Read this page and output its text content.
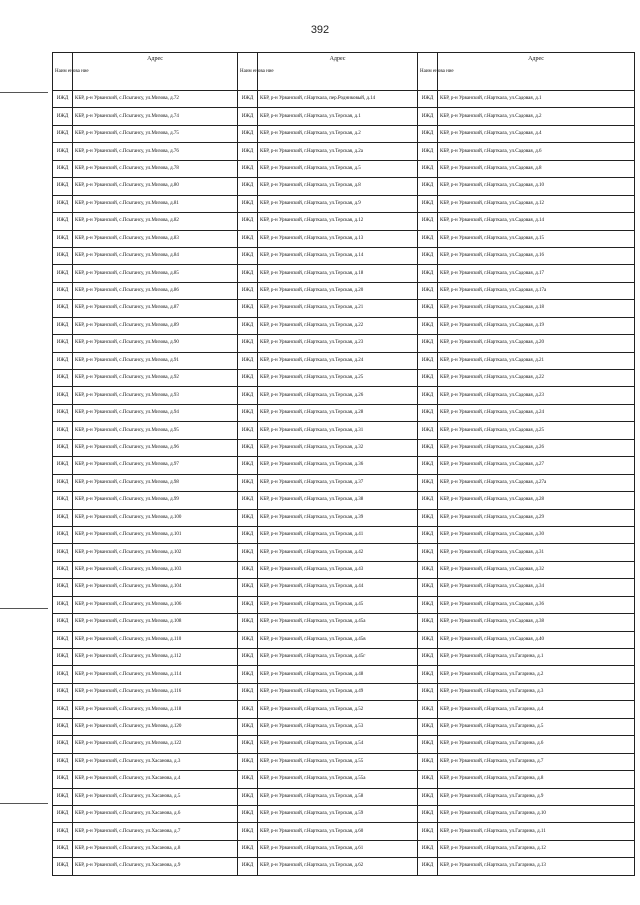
392
Наим енова ние	Адрес	Наим енова ние	Адрес	Наим енова ние	Адрес
ИЖД	КБР, р-н Урванский, с.Псыгансу, ул.Мизова, д.72	ИЖД	КБР, р-н Урванский, г.Нарткала, пер.Родниковый, д.14	ИЖД	КБР, р-н Урванский, г.Нарткала, ул.Садовая, д.1
ИЖД	КБР, р-н Урванский, с.Псыгансу, ул.Мизова, д.74	ИЖД	КБР, р-н Урванский, г.Нарткала, ул.Терская, д.1	ИЖД	КБР, р-н Урванский, г.Нарткала, ул.Садовая, д.2
ИЖД	КБР, р-н Урванский, с.Псыгансу, ул.Мизова, д.75	ИЖД	КБР, р-н Урванский, г.Нарткала, ул.Терская, д.2	ИЖД	КБР, р-н Урванский, г.Нарткала, ул.Садовая, д.4
ИЖД	КБР, р-н Урванский, с.Псыгансу, ул.Мизова, д.76	ИЖД	КБР, р-н Урванский, г.Нарткала, ул.Терская, д.2а	ИЖД	КБР, р-н Урванский, г.Нарткала, ул.Садовая, д.6
ИЖД	КБР, р-н Урванский, с.Псыгансу, ул.Мизова, д.78	ИЖД	КБР, р-н Урванский, г.Нарткала, ул.Терская, д.5	ИЖД	КБР, р-н Урванский, г.Нарткала, ул.Садовая, д.8
ИЖД	КБР, р-н Урванский, с.Псыгансу, ул.Мизова, д.80	ИЖД	КБР, р-н Урванский, г.Нарткала, ул.Терская, д.8	ИЖД	КБР, р-н Урванский, г.Нарткала, ул.Садовая, д.10
ИЖД	КБР, р-н Урванский, с.Псыгансу, ул.Мизова, д.81	ИЖД	КБР, р-н Урванский, г.Нарткала, ул.Терская, д.9	ИЖД	КБР, р-н Урванский, г.Нарткала, ул.Садовая, д.12
ИЖД	КБР, р-н Урванский, с.Псыгансу, ул.Мизова, д.82	ИЖД	КБР, р-н Урванский, г.Нарткала, ул.Терская, д.12	ИЖД	КБР, р-н Урванский, г.Нарткала, ул.Садовая, д.14
ИЖД	КБР, р-н Урванский, с.Псыгансу, ул.Мизова, д.83	ИЖД	КБР, р-н Урванский, г.Нарткала, ул.Терская, д.13	ИЖД	КБР, р-н Урванский, г.Нарткала, ул.Садовая, д.15
ИЖД	КБР, р-н Урванский, с.Псыгансу, ул.Мизова, д.84	ИЖД	КБР, р-н Урванский, г.Нарткала, ул.Терская, д.14	ИЖД	КБР, р-н Урванский, г.Нарткала, ул.Садовая, д.16
ИЖД	КБР, р-н Урванский, с.Псыгансу, ул.Мизова, д.85	ИЖД	КБР, р-н Урванский, г.Нарткала, ул.Терская, д.18	ИЖД	КБР, р-н Урванский, г.Нарткала, ул.Садовая, д.17
ИЖД	КБР, р-н Урванский, с.Псыгансу, ул.Мизова, д.86	ИЖД	КБР, р-н Урванский, г.Нарткала, ул.Терская, д.20	ИЖД	КБР, р-н Урванский, г.Нарткала, ул.Садовая, д.17а
ИЖД	КБР, р-н Урванский, с.Псыгансу, ул.Мизова, д.87	ИЖД	КБР, р-н Урванский, г.Нарткала, ул.Терская, д.21	ИЖД	КБР, р-н Урванский, г.Нарткала, ул.Садовая, д.18
ИЖД	КБР, р-н Урванский, с.Псыгансу, ул.Мизова, д.89	ИЖД	КБР, р-н Урванский, г.Нарткала, ул.Терская, д.22	ИЖД	КБР, р-н Урванский, г.Нарткала, ул.Садовая, д.19
ИЖД	КБР, р-н Урванский, с.Псыгансу, ул.Мизова, д.90	ИЖД	КБР, р-н Урванский, г.Нарткала, ул.Терская, д.23	ИЖД	КБР, р-н Урванский, г.Нарткала, ул.Садовая, д.20
ИЖД	КБР, р-н Урванский, с.Псыгансу, ул.Мизова, д.91	ИЖД	КБР, р-н Урванский, г.Нарткала, ул.Терская, д.24	ИЖД	КБР, р-н Урванский, г.Нарткала, ул.Садовая, д.21
ИЖД	КБР, р-н Урванский, с.Псыгансу, ул.Мизова, д.92	ИЖД	КБР, р-н Урванский, г.Нарткала, ул.Терская, д.25	ИЖД	КБР, р-н Урванский, г.Нарткала, ул.Садовая, д.22
ИЖД	КБР, р-н Урванский, с.Псыгансу, ул.Мизова, д.93	ИЖД	КБР, р-н Урванский, г.Нарткала, ул.Терская, д.26	ИЖД	КБР, р-н Урванский, г.Нарткала, ул.Садовая, д.23
ИЖД	КБР, р-н Урванский, с.Псыгансу, ул.Мизова, д.94	ИЖД	КБР, р-н Урванский, г.Нарткала, ул.Терская, д.28	ИЖД	КБР, р-н Урванский, г.Нарткала, ул.Садовая, д.24
ИЖД	КБР, р-н Урванский, с.Псыгансу, ул.Мизова, д.95	ИЖД	КБР, р-н Урванский, г.Нарткала, ул.Терская, д.31	ИЖД	КБР, р-н Урванский, г.Нарткала, ул.Садовая, д.25
ИЖД	КБР, р-н Урванский, с.Псыгансу, ул.Мизова, д.96	ИЖД	КБР, р-н Урванский, г.Нарткала, ул.Терская, д.32	ИЖД	КБР, р-н Урванский, г.Нарткала, ул.Садовая, д.26
ИЖД	КБР, р-н Урванский, с.Псыгансу, ул.Мизова, д.97	ИЖД	КБР, р-н Урванский, г.Нарткала, ул.Терская, д.36	ИЖД	КБР, р-н Урванский, г.Нарткала, ул.Садовая, д.27
ИЖД	КБР, р-н Урванский, с.Псыгансу, ул.Мизова, д.98	ИЖД	КБР, р-н Урванский, г.Нарткала, ул.Терская, д.37	ИЖД	КБР, р-н Урванский, г.Нарткала, ул.Садовая, д.27а
ИЖД	КБР, р-н Урванский, с.Псыгансу, ул.Мизова, д.99	ИЖД	КБР, р-н Урванский, г.Нарткала, ул.Терская, д.38	ИЖД	КБР, р-н Урванский, г.Нарткала, ул.Садовая, д.28
ИЖД	КБР, р-н Урванский, с.Псыгансу, ул.Мизова, д.100	ИЖД	КБР, р-н Урванский, г.Нарткала, ул.Терская, д.39	ИЖД	КБР, р-н Урванский, г.Нарткала, ул.Садовая, д.29
ИЖД	КБР, р-н Урванский, с.Псыгансу, ул.Мизова, д.101	ИЖД	КБР, р-н Урванский, г.Нарткала, ул.Терская, д.41	ИЖД	КБР, р-н Урванский, г.Нарткала, ул.Садовая, д.30
ИЖД	КБР, р-н Урванский, с.Псыгансу, ул.Мизова, д.102	ИЖД	КБР, р-н Урванский, г.Нарткала, ул.Терская, д.42	ИЖД	КБР, р-н Урванский, г.Нарткала, ул.Садовая, д.31
ИЖД	КБР, р-н Урванский, с.Псыгансу, ул.Мизова, д.103	ИЖД	КБР, р-н Урванский, г.Нарткала, ул.Терская, д.43	ИЖД	КБР, р-н Урванский, г.Нарткала, ул.Садовая, д.32
ИЖД	КБР, р-н Урванский, с.Псыгансу, ул.Мизова, д.104	ИЖД	КБР, р-н Урванский, г.Нарткала, ул.Терская, д.44	ИЖД	КБР, р-н Урванский, г.Нарткала, ул.Садовая, д.34
ИЖД	КБР, р-н Урванский, с.Псыгансу, ул.Мизова, д.106	ИЖД	КБР, р-н Урванский, г.Нарткала, ул.Терская, д.45	ИЖД	КБР, р-н Урванский, г.Нарткала, ул.Садовая, д.36
ИЖД	КБР, р-н Урванский, с.Псыгансу, ул.Мизова, д.108	ИЖД	КБР, р-н Урванский, г.Нарткала, ул.Терская, д.45а	ИЖД	КБР, р-н Урванский, г.Нарткала, ул.Садовая, д.38
ИЖД	КБР, р-н Урванский, с.Псыгансу, ул.Мизова, д.110	ИЖД	КБР, р-н Урванский, г.Нарткала, ул.Терская, д.45в	ИЖД	КБР, р-н Урванский, г.Нарткала, ул.Садовая, д.40
ИЖД	КБР, р-н Урванский, с.Псыгансу, ул.Мизова, д.112	ИЖД	КБР, р-н Урванский, г.Нарткала, ул.Терская, д.45г	ИЖД	КБР, р-н Урванский, г.Нарткала, ул.Гагарина, д.1
ИЖД	КБР, р-н Урванский, с.Псыгансу, ул.Мизова, д.114	ИЖД	КБР, р-н Урванский, г.Нарткала, ул.Терская, д.48	ИЖД	КБР, р-н Урванский, г.Нарткала, ул.Гагарина, д.2
ИЖД	КБР, р-н Урванский, с.Псыгансу, ул.Мизова, д.116	ИЖД	КБР, р-н Урванский, г.Нарткала, ул.Терская, д.49	ИЖД	КБР, р-н Урванский, г.Нарткала, ул.Гагарина, д.3
ИЖД	КБР, р-н Урванский, с.Псыгансу, ул.Мизова, д.118	ИЖД	КБР, р-н Урванский, г.Нарткала, ул.Терская, д.52	ИЖД	КБР, р-н Урванский, г.Нарткала, ул.Гагарина, д.4
ИЖД	КБР, р-н Урванский, с.Псыгансу, ул.Мизова, д.120	ИЖД	КБР, р-н Урванский, г.Нарткала, ул.Терская, д.53	ИЖД	КБР, р-н Урванский, г.Нарткала, ул.Гагарина, д.5
ИЖД	КБР, р-н Урванский, с.Псыгансу, ул.Мизова, д.122	ИЖД	КБР, р-н Урванский, г.Нарткала, ул.Терская, д.54	ИЖД	КБР, р-н Урванский, г.Нарткала, ул.Гагарина, д.6
ИЖД	КБР, р-н Урванский, с.Псыгансу, ул.Хасанова, д.3	ИЖД	КБР, р-н Урванский, г.Нарткала, ул.Терская, д.55	ИЖД	КБР, р-н Урванский, г.Нарткала, ул.Гагарина, д.7
ИЖД	КБР, р-н Урванский, с.Псыгансу, ул.Хасанова, д.4	ИЖД	КБР, р-н Урванский, г.Нарткала, ул.Терская, д.55а	ИЖД	КБР, р-н Урванский, г.Нарткала, ул.Гагарина, д.8
ИЖД	КБР, р-н Урванский, с.Псыгансу, ул.Хасанова, д.5	ИЖД	КБР, р-н Урванский, г.Нарткала, ул.Терская, д.58	ИЖД	КБР, р-н Урванский, г.Нарткала, ул.Гагарина, д.9
ИЖД	КБР, р-н Урванский, с.Псыгансу, ул.Хасанова, д.6	ИЖД	КБР, р-н Урванский, г.Нарткала, ул.Терская, д.59	ИЖД	КБР, р-н Урванский, г.Нарткала, ул.Гагарина, д.10
ИЖД	КБР, р-н Урванский, с.Псыгансу, ул.Хасанова, д.7	ИЖД	КБР, р-н Урванский, г.Нарткала, ул.Терская, д.60	ИЖД	КБР, р-н Урванский, г.Нарткала, ул.Гагарина, д.11
ИЖД	КБР, р-н Урванский, с.Псыгансу, ул.Хасанова, д.8	ИЖД	КБР, р-н Урванский, г.Нарткала, ул.Терская, д.61	ИЖД	КБР, р-н Урванский, г.Нарткала, ул.Гагарина, д.12
ИЖД	КБР, р-н Урванский, с.Псыгансу, ул.Хасанова, д.9	ИЖД	КБР, р-н Урванский, г.Нарткала, ул.Терская, д.62	ИЖД	КБР, р-н Урванский, г.Нарткала, ул.Гагарина, д.13
